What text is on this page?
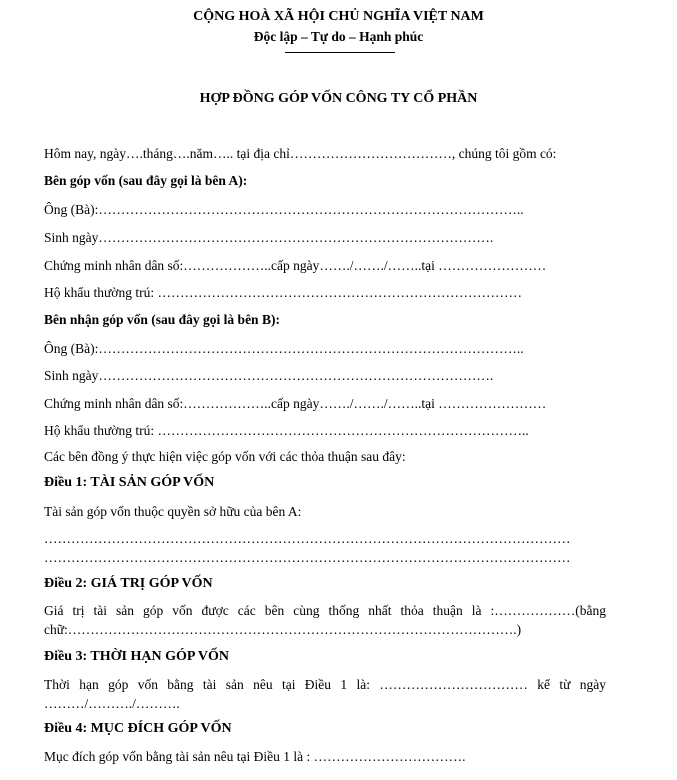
CỘNG HOÀ XÃ HỘI CHỦ NGHĨA VIỆT NAM
Độc lập – Tự do – Hạnh phúc
HỢP ĐỒNG GÓP VỐN CÔNG TY CỔ PHẦN
Hôm nay, ngày….tháng….năm….. tại địa chỉ………………………………, chúng tôi gồm có:
Bên góp vốn (sau đây gọi là bên A):
Ông (Bà):…………………………………………………………………………………..
Sinh ngày…………………………………………………………………………….
Chứng minh nhân dân số:………………..cấp ngày……./……./……..tại ……………………
Hộ khẩu thường trú: ………………………………………………………………………
Bên nhận góp vốn (sau đây gọi là bên B):
Ông (Bà):…………………………………………………………………………………..
Sinh ngày…………………………………………………………………………….
Chứng minh nhân dân số:………………..cấp ngày……./……./……..tại ……………………
Hộ khẩu thường trú: ………………………………………………………………………..
Các bên đồng ý thực hiện việc góp vốn với các thỏa thuận sau đây:
Điều 1: TÀI SẢN GÓP VỐN
Tài sản góp vốn thuộc quyền sở hữu của bên A:
………………………………………………………………………………………………………
………………………………………………………………………………………………………
Điều 2: GIÁ TRỊ GÓP VỐN
Giá trị tài sản góp vốn được các bên cùng thống nhất thỏa thuận là :………………(bằng
chữ:……………………………………………………………………………………….)
Điều 3: THỜI HẠN GÓP VỐN
Thời hạn góp vốn bằng tài sản nêu tại Điều 1 là: …………………………… kể từ ngày
………/………./……….
Điều 4: MỤC ĐÍCH GÓP VỐN
Mục đích góp vốn bằng tài sản nêu tại Điều 1 là : …………………………….
